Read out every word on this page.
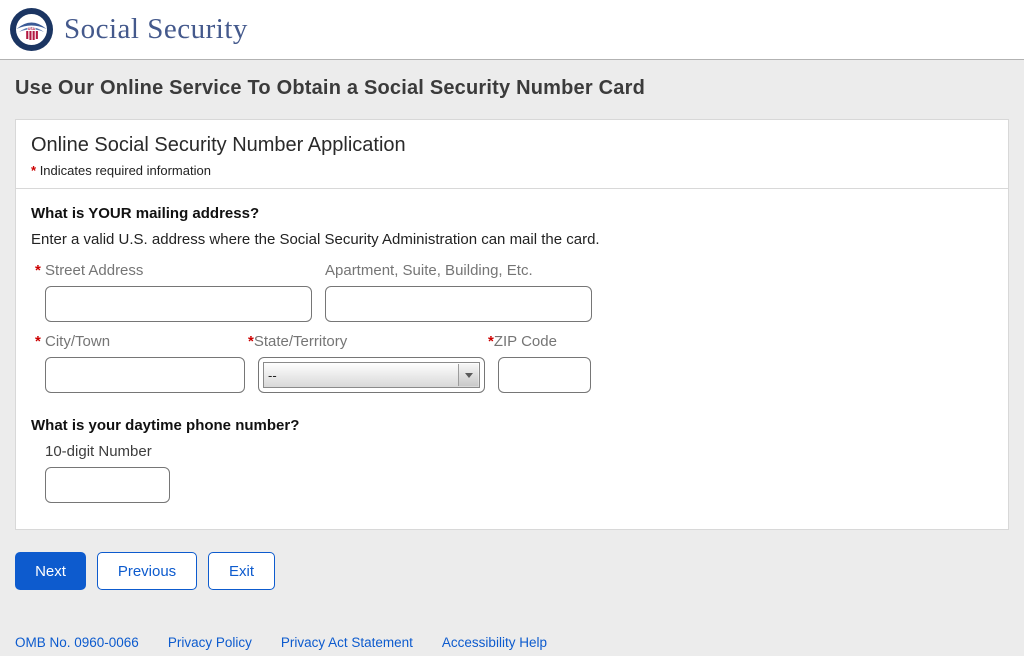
USA Social Security
Use Our Online Service To Obtain a Social Security Number Card
Online Social Security Number Application
* Indicates required information
What is YOUR mailing address?
Enter a valid U.S. address where the Social Security Administration can mail the card.
* Street Address	Apartment, Suite, Building, Etc.
* City/Town	*State/Territory	*ZIP Code
--
What is your daytime phone number?
10-digit Number
Next	Previous	Exit
OMB No. 0960-0066 Privacy Policy Privacy Act Statement Accessibility Help
